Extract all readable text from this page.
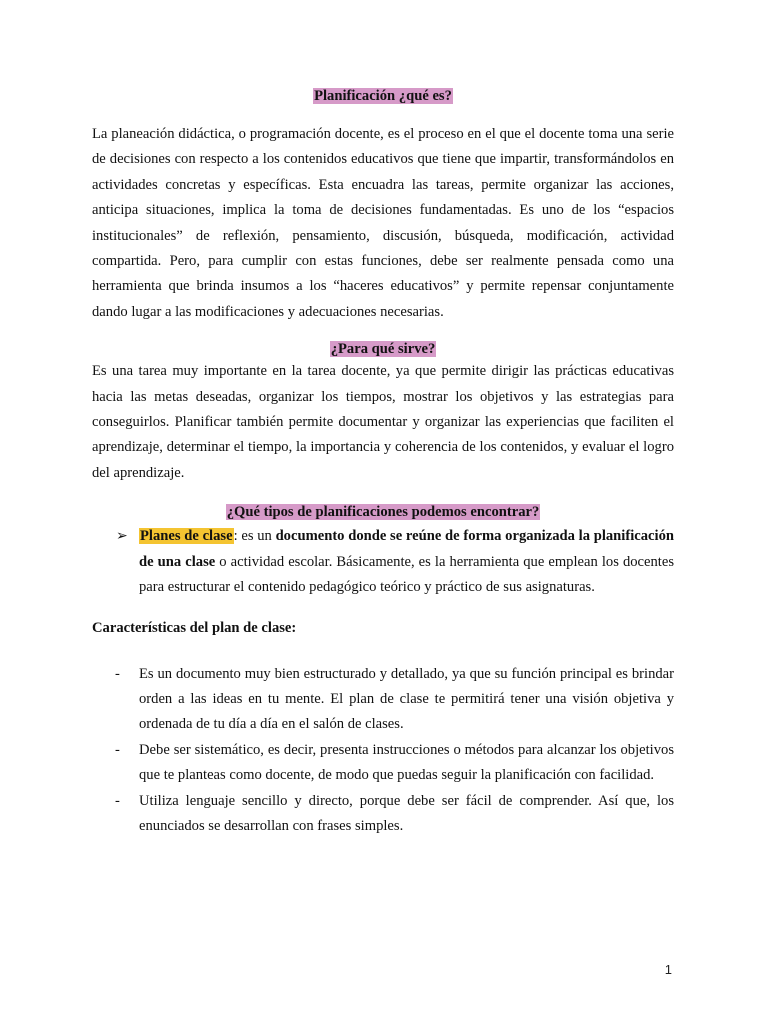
Planificación ¿qué es?

La planeación didáctica, o programación docente, es el proceso en el que el docente toma una serie de decisiones con respecto a los contenidos educativos que tiene que impartir, transformándolos en actividades concretas y específicas. Esta encuadra las tareas, permite organizar las acciones, anticipa situaciones, implica la toma de decisiones fundamentadas. Es uno de los “espacios institucionales” de reflexión, pensamiento, discusión, búsqueda, modificación, actividad compartida. Pero, para cumplir con estas funciones, debe ser realmente pensada como una herramienta que brinda insumos a los “haceres educativos” y permite repensar conjuntamente dando lugar a las modificaciones y adecuaciones necesarias.

¿Para qué sirve?

Es una tarea muy importante en la tarea docente, ya que permite dirigir las prácticas educativas hacia las metas deseadas, organizar los tiempos, mostrar los objetivos y las estrategias para conseguirlos. Planificar también permite documentar y organizar las experiencias que faciliten el aprendizaje, determinar el tiempo, la importancia y coherencia de los contenidos, y evaluar el logro del aprendizaje.

¿Qué tipos de planificaciones podemos encontrar?

➢ Planes de clase: es un documento donde se reúne de forma organizada la planificación de una clase o actividad escolar. Básicamente, es la herramienta que emplean los docentes para estructurar el contenido pedagógico teórico y práctico de sus asignaturas.

Características del plan de clase:

- Es un documento muy bien estructurado y detallado, ya que su función principal es brindar orden a las ideas en tu mente. El plan de clase te permitirá tener una visión objetiva y ordenada de tu día a día en el salón de clases.
- Debe ser sistemático, es decir, presenta instrucciones o métodos para alcanzar los objetivos que te planteas como docente, de modo que puedas seguir la planificación con facilidad.
- Utiliza lenguaje sencillo y directo, porque debe ser fácil de comprender. Así que, los enunciados se desarrollan con frases simples.
1
